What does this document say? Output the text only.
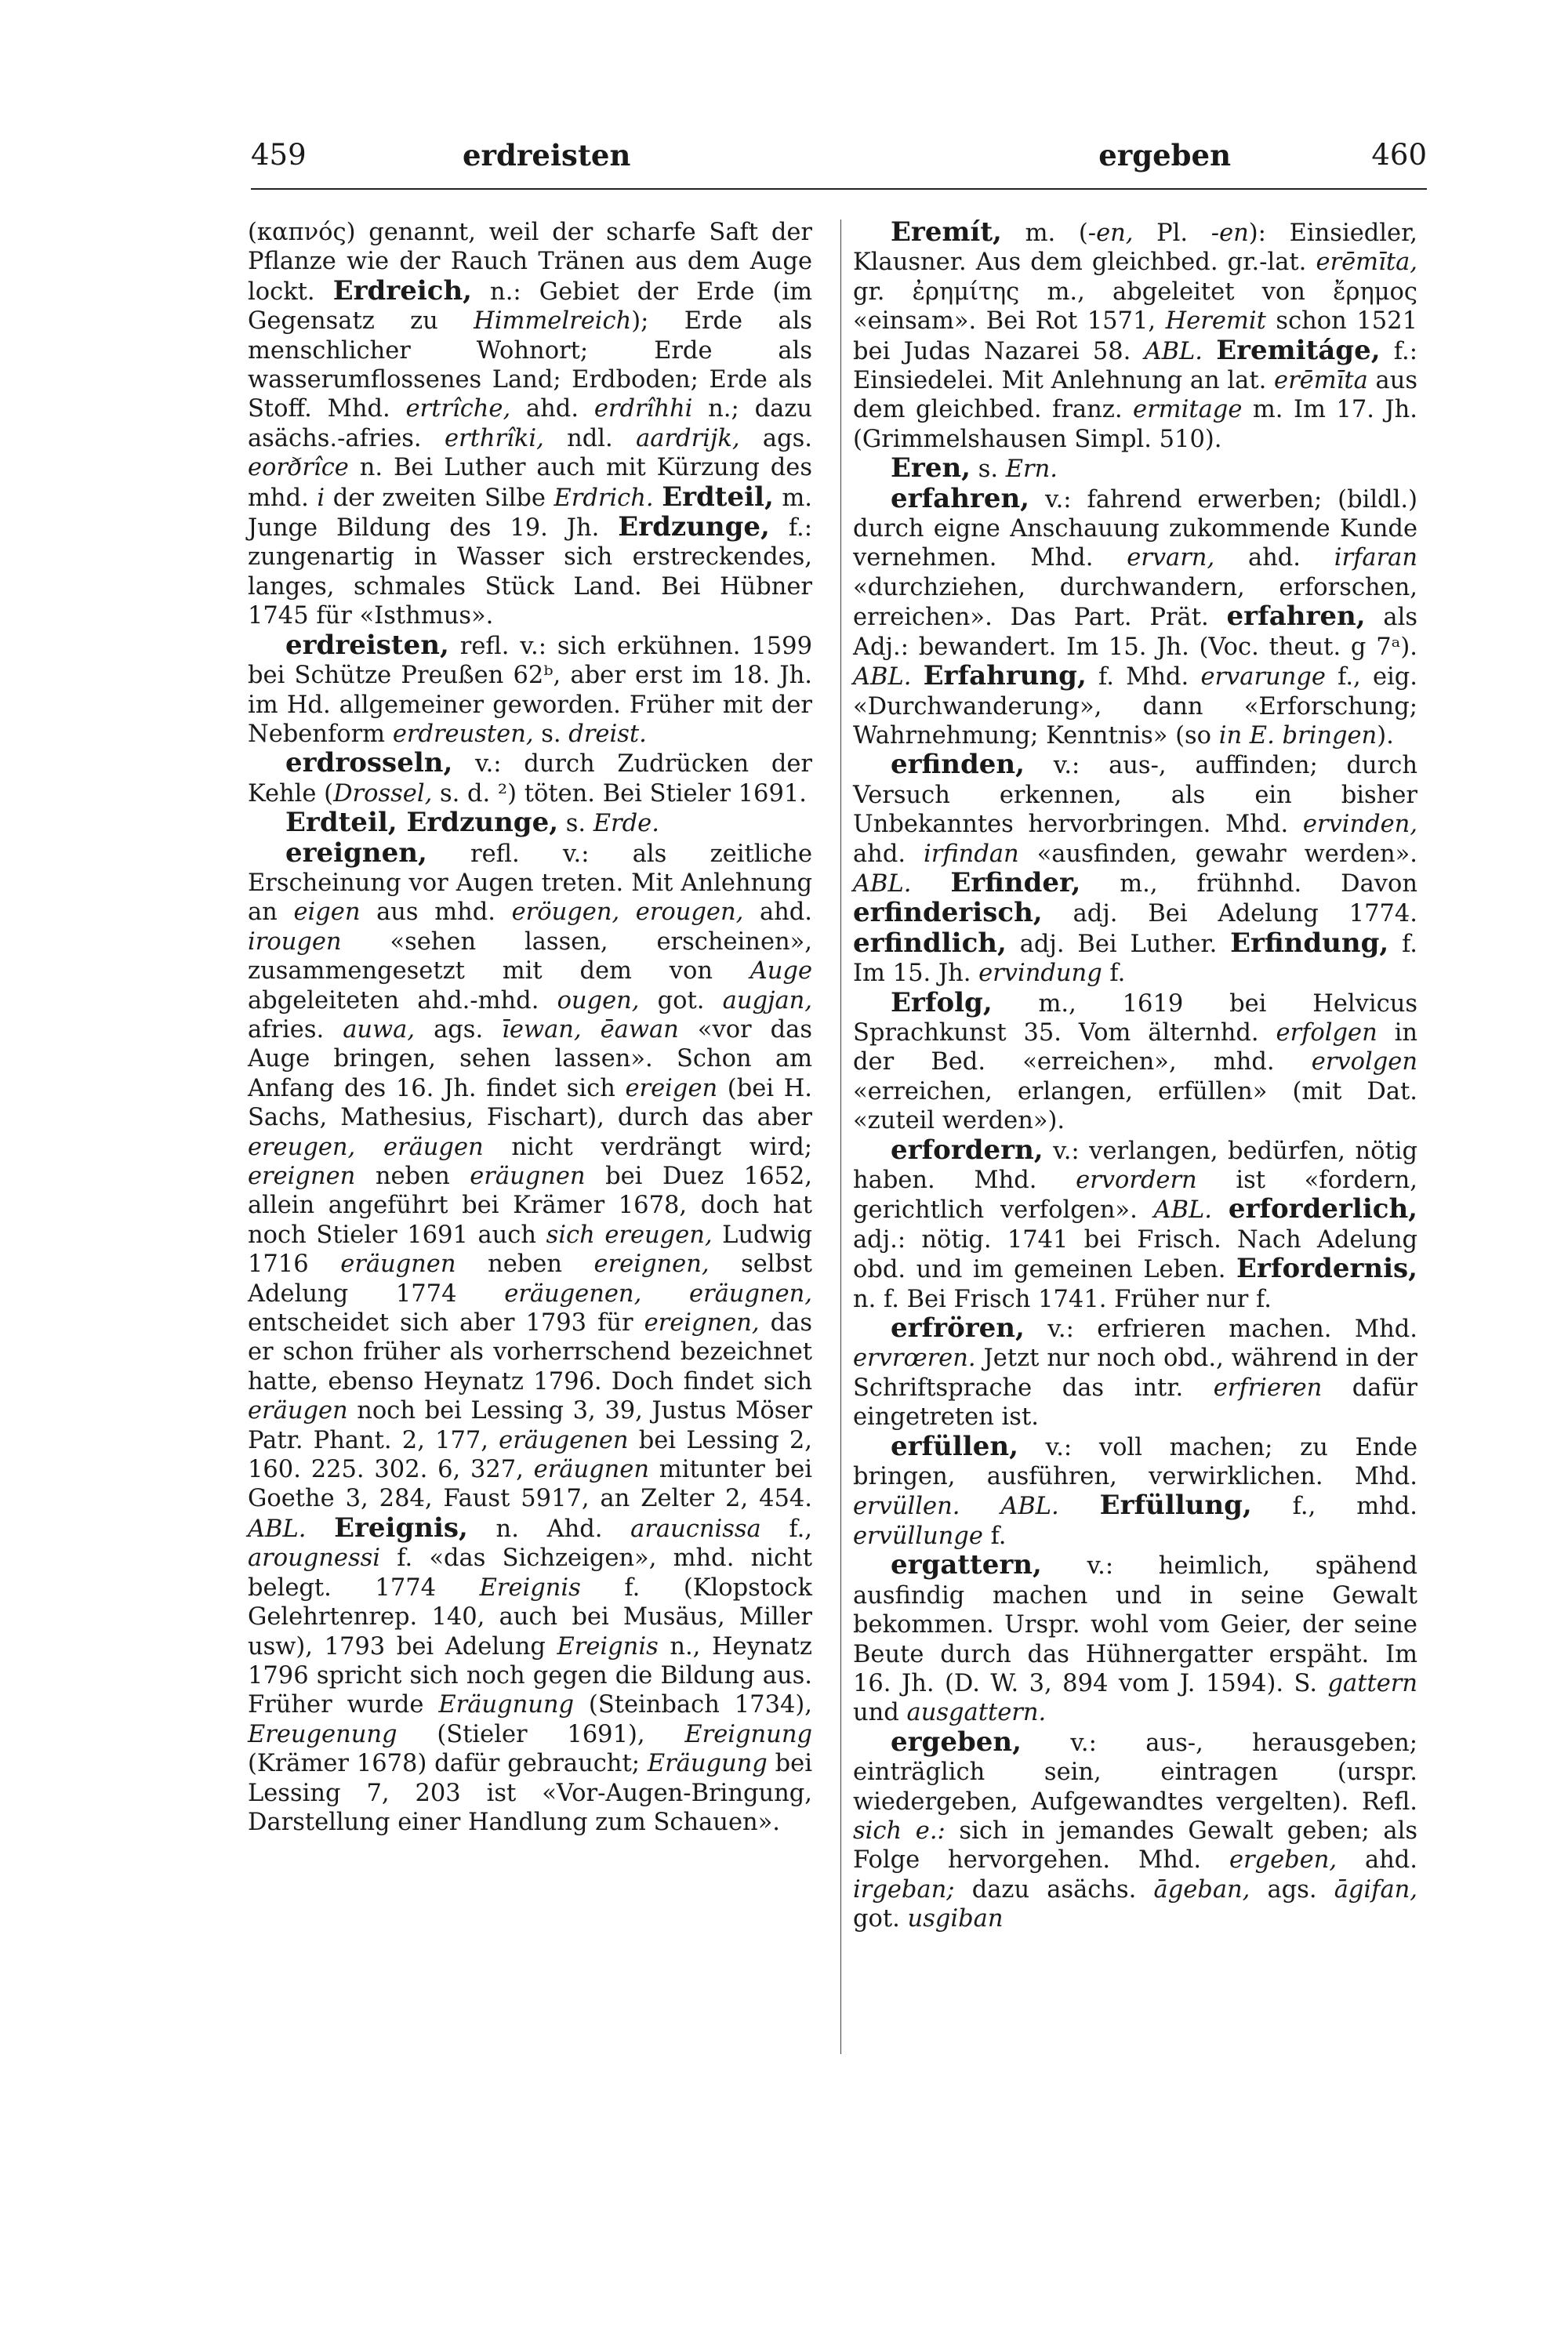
459	erdreisten	ergeben	460

(καπνός) genannt, weil der scharfe Saft der Pflanze wie der Rauch Tränen aus dem Auge lockt. Erdreich, n.: Gebiet der Erde (im Gegensatz zu Himmelreich); Erde als menschlicher Wohnort; Erde als wasserumflossenes Land; Erdboden; Erde als Stoff. Mhd. ertrîche, ahd. erdrîhhi n.; dazu asächs.-afries. erthrîki, ndl. aardrijk, ags. eorðrîce n. Bei Luther auch mit Kürzung des mhd. i der zweiten Silbe Erdrich. Erdteil, m. Junge Bildung des 19. Jh. Erdzunge, f.: zungenartig in Wasser sich erstreckendes, langes, schmales Stück Land. Bei Hübner 1745 für «Isthmus».

erdreisten, refl. v.: sich erkühnen. 1599 bei Schütze Preußen 62ᵇ, aber erst im 18. Jh. im Hd. allgemeiner geworden. Früher mit der Nebenform erdreusten, s. dreist.

erdrosseln, v.: durch Zudrücken der Kehle (Drossel, s. d. ²) töten. Bei Stieler 1691.

Erdteil, Erdzunge, s. Erde.

ereignen, refl. v.: als zeitliche Erscheinung vor Augen treten. Mit Anlehnung an eigen aus mhd. eröugen, erougen, ahd. irougen «sehen lassen, erscheinen», zusammengesetzt mit dem von Auge abgeleiteten ahd.-mhd. ougen, got. augjan, afries. auwa, ags. īewan, ēawan «vor das Auge bringen, sehen lassen». Schon am Anfang des 16. Jh. findet sich ereigen (bei H. Sachs, Mathesius, Fischart), durch das aber ereugen, eräugen nicht verdrängt wird; ereignen neben eräugnen bei Duez 1652, allein angeführt bei Krämer 1678, doch hat noch Stieler 1691 auch sich ereugen, Ludwig 1716 eräugnen neben ereignen, selbst Adelung 1774 eräugenen, eräugnen, entscheidet sich aber 1793 für ereignen, das er schon früher als vorherrschend bezeichnet hatte, ebenso Heynatz 1796. Doch findet sich eräugen noch bei Lessing 3, 39, Justus Möser Patr. Phant. 2, 177, eräugenen bei Lessing 2, 160. 225. 302. 6, 327, eräugnen mitunter bei Goethe 3, 284, Faust 5917, an Zelter 2, 454. ABL. Ereignis, n. Ahd. araucnissa f., arougnessi f. «das Sichzeigen», mhd. nicht belegt. 1774 Ereignis f. (Klopstock Gelehrtenrep. 140, auch bei Musäus, Miller usw), 1793 bei Adelung Ereignis n., Heynatz 1796 spricht sich noch gegen die Bildung aus. Früher wurde Eräugnung (Steinbach 1734), Ereugenung (Stieler 1691), Ereignung (Krämer 1678) dafür gebraucht; Eräugung bei Lessing 7, 203 ist «Vor-Augen-Bringung, Darstellung einer Handlung zum Schauen».

Eremít, m. (-en, Pl. -en): Einsiedler, Klausner. Aus dem gleichbed. gr.-lat. erēmīta, gr. ἐρημίτης m., abgeleitet von ἔρημος «einsam». Bei Rot 1571, Heremit schon 1521 bei Judas Nazarei 58. ABL. Eremitáge, f.: Einsiedelei. Mit Anlehnung an lat. erēmīta aus dem gleichbed. franz. ermitage m. Im 17. Jh. (Grimmelshausen Simpl. 510).

Eren, s. Ern.

erfahren, v.: fahrend erwerben; (bildl.) durch eigne Anschauung zukommende Kunde vernehmen. Mhd. ervarn, ahd. irfaran «durchziehen, durchwandern, erforschen, erreichen». Das Part. Prät. erfahren, als Adj.: bewandert. Im 15. Jh. (Voc. theut. g 7ᵃ). ABL. Erfahrung, f. Mhd. ervarunge f., eig. «Durchwanderung», dann «Erforschung; Wahrnehmung; Kenntnis» (so in E. bringen).

erfinden, v.: aus-, auffinden; durch Versuch erkennen, als ein bisher Unbekanntes hervorbringen. Mhd. ervinden, ahd. irfindan «ausfinden, gewahr werden». ABL. Erfinder, m., frühnhd. Davon erfinderisch, adj. Bei Adelung 1774. erfindlich, adj. Bei Luther. Erfindung, f. Im 15. Jh. ervindung f.

Erfolg, m., 1619 bei Helvicus Sprachkunst 35. Vom älternhd. erfolgen in der Bed. «erreichen», mhd. ervolgen «erreichen, erlangen, erfüllen» (mit Dat. «zuteil werden»).

erfordern, v.: verlangen, bedürfen, nötig haben. Mhd. ervordern ist «fordern, gerichtlich verfolgen». ABL. erforderlich, adj.: nötig. 1741 bei Frisch. Nach Adelung obd. und im gemeinen Leben. Erfordernis, n. f. Bei Frisch 1741. Früher nur f.

erfrören, v.: erfrieren machen. Mhd. ervrœren. Jetzt nur noch obd., während in der Schriftsprache das intr. erfrieren dafür eingetreten ist.

erfüllen, v.: voll machen; zu Ende bringen, ausführen, verwirklichen. Mhd. ervüllen. ABL. Erfüllung, f., mhd. ervüllunge f.

ergattern, v.: heimlich, spähend ausfindig machen und in seine Gewalt bekommen. Urspr. wohl vom Geier, der seine Beute durch das Hühnergatter erspäht. Im 16. Jh. (D. W. 3, 894 vom J. 1594). S. gattern und ausgattern.

ergeben, v.: aus-, herausgeben; einträglich sein, eintragen (urspr. wiedergeben, Aufgewandtes vergelten). Refl. sich e.: sich in jemandes Gewalt geben; als Folge hervorgehen. Mhd. ergeben, ahd. irgeban; dazu asächs. āgeban, ags. āgifan, got. usgiban
